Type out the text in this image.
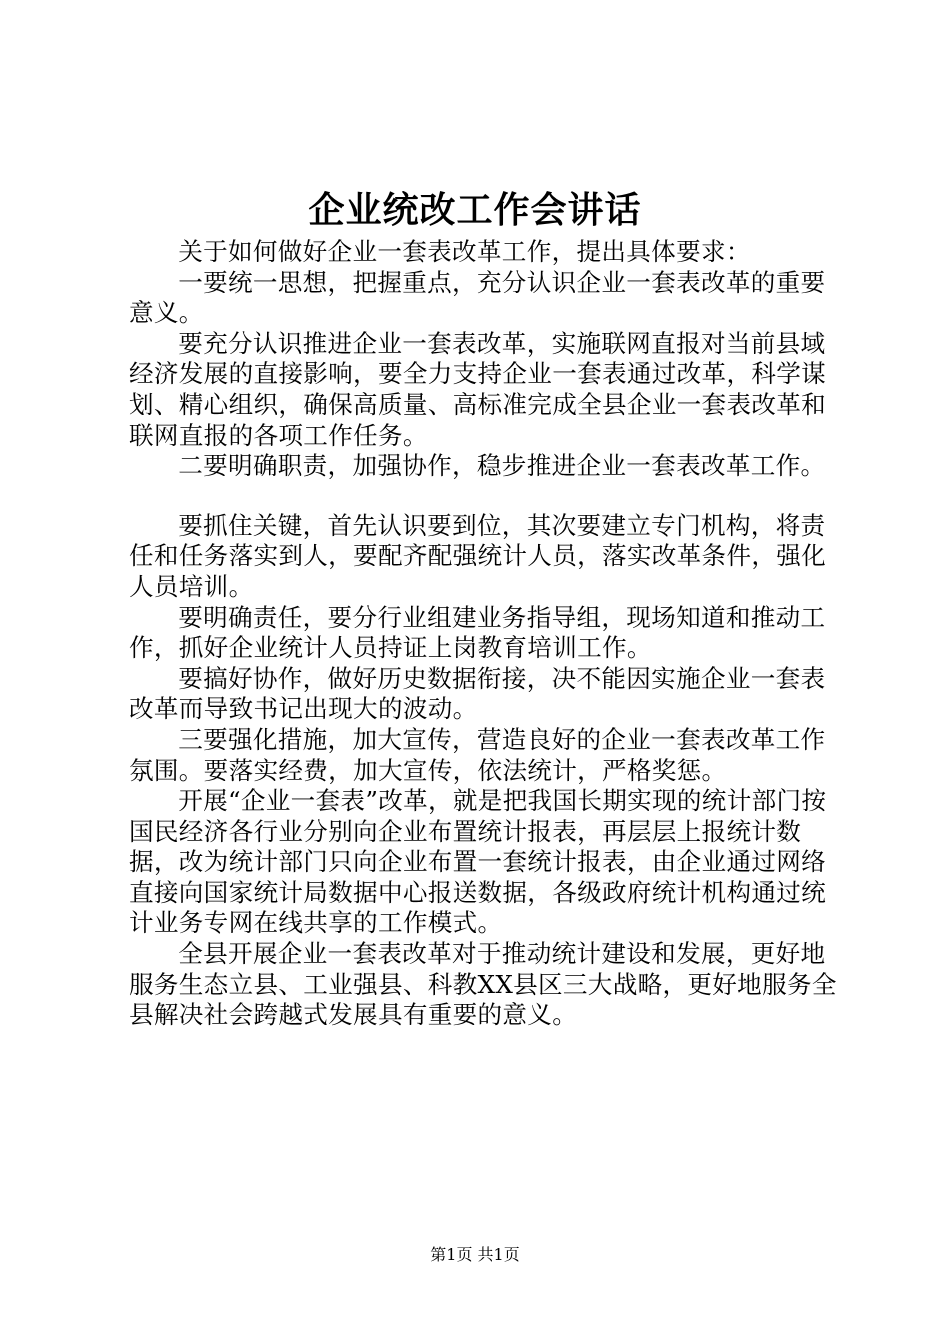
企业统改工作会讲话

关于如何做好企业一套表改革工作，提出具体要求：

一要统一思想，把握重点，充分认识企业一套表改革的重要意义。

要充分认识推进企业一套表改革，实施联网直报对当前县域经济发展的直接影响，要全力支持企业一套表通过改革，科学谋划、精心组织，确保高质量、高标准完成全县企业一套表改革和联网直报的各项工作任务。

二要明确职责，加强协作，稳步推进企业一套表改革工作。

要抓住关键，首先认识要到位，其次要建立专门机构，将责任和任务落实到人，要配齐配强统计人员，落实改革条件，强化人员培训。

要明确责任，要分行业组建业务指导组，现场知道和推动工作，抓好企业统计人员持证上岗教育培训工作。

要搞好协作，做好历史数据衔接，决不能因实施企业一套表改革而导致书记出现大的波动。

三要强化措施，加大宣传，营造良好的企业一套表改革工作氛围。要落实经费，加大宣传，依法统计，严格奖惩。

开展“企业一套表”改革，就是把我国长期实现的统计部门按国民经济各行业分别向企业布置统计报表，再层层上报统计数据，改为统计部门只向企业布置一套统计报表，由企业通过网络直接向国家统计局数据中心报送数据，各级政府统计机构通过统计业务专网在线共享的工作模式。

全县开展企业一套表改革对于推动统计建设和发展，更好地服务生态立县、工业强县、科教XX县区三大战略，更好地服务全县解决社会跨越式发展具有重要的意义。

第1页 共1页
